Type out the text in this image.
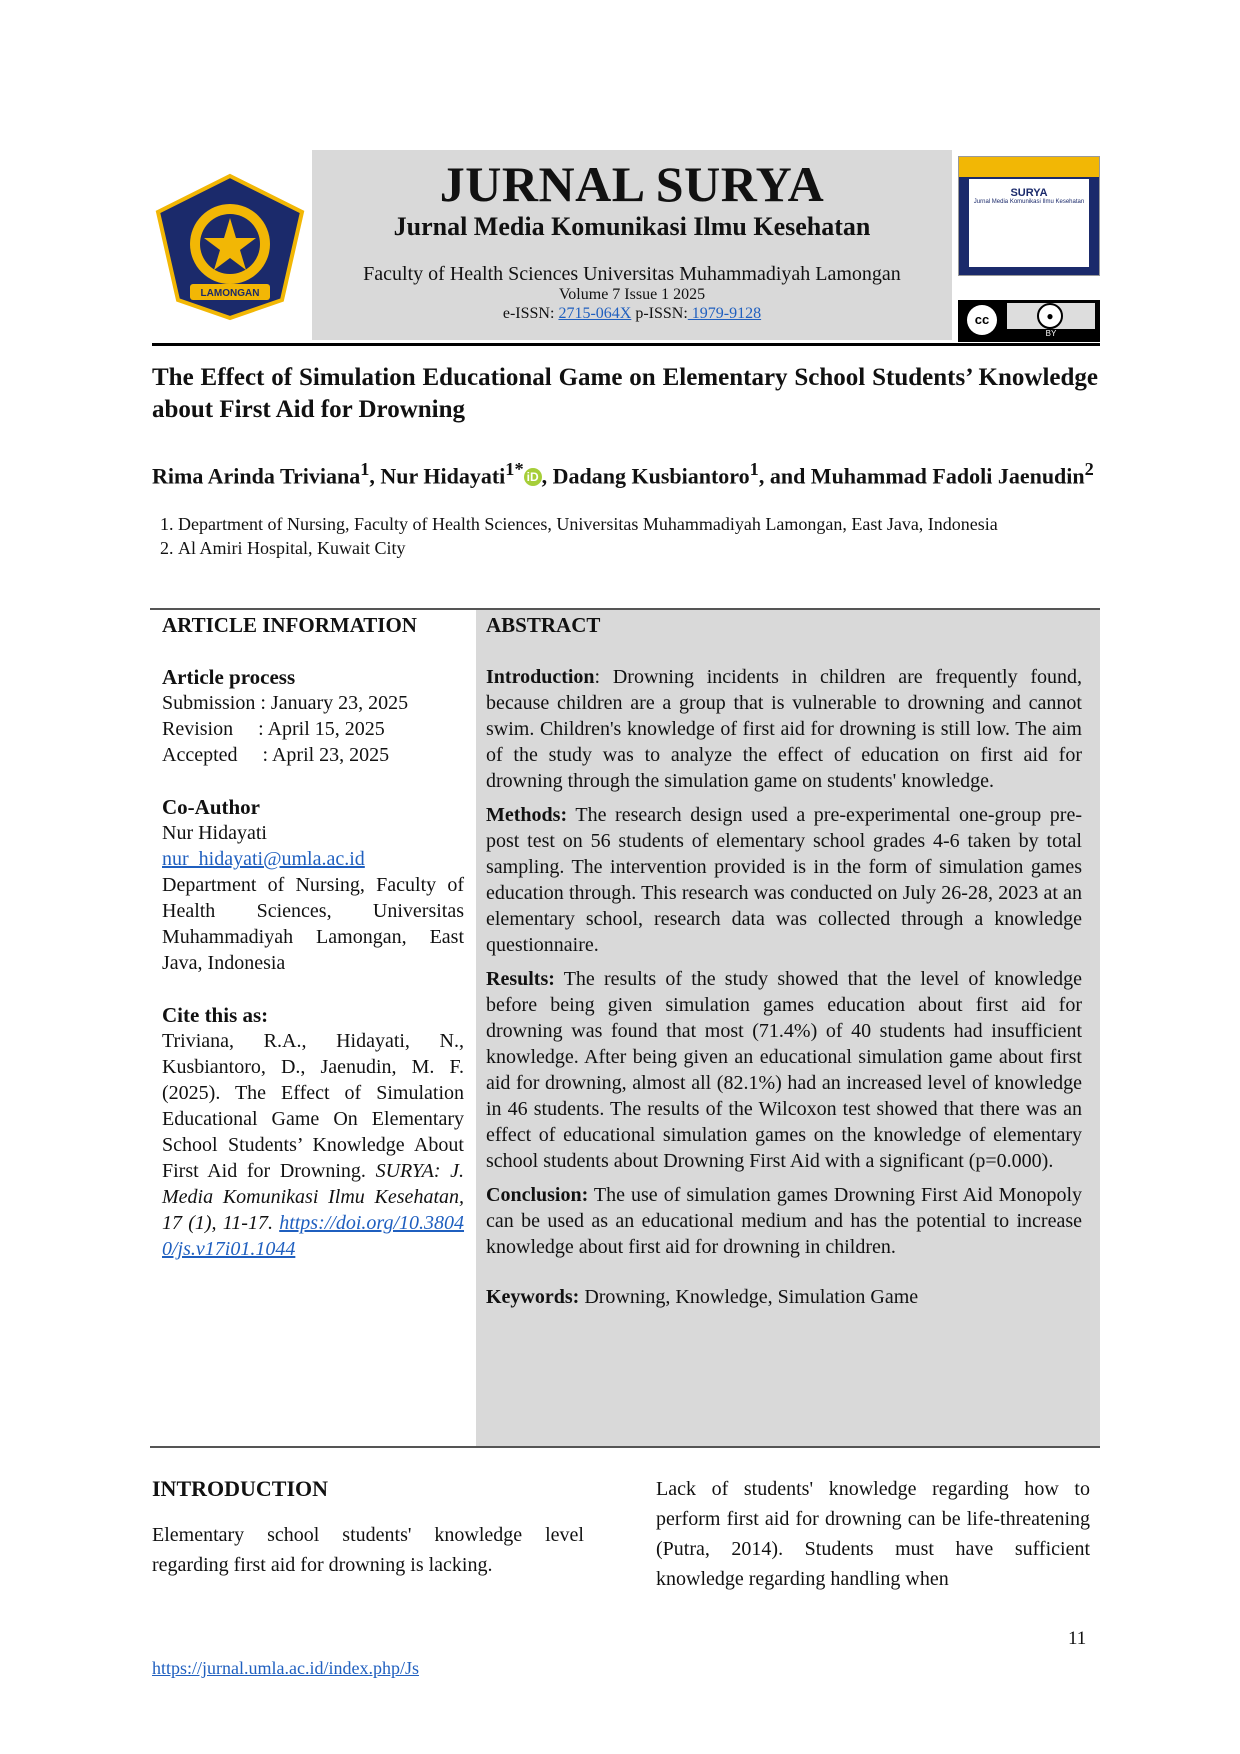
LAMONGAN
JURNAL SURYA
Jurnal Media Komunikasi Ilmu Kesehatan
Faculty of Health Sciences Universitas Muhammadiyah Lamongan
Volume 7 Issue 1 2025
e-ISSN: 2715-064X p-ISSN: 1979-9128
SURYA
Jurnal Media Komunikasi Ilmu Kesehatan
cc	●
BY
The Effect of Simulation Educational Game on Elementary School Students’ Knowledge about First Aid for Drowning
Rima Arinda Triviana$^1$, Nur Hidayati$^{1*}$ iD , Dadang Kusbiantoro$^1$, and Muhammad Fadoli Jaenudin$^2$
1. Department of Nursing, Faculty of Health Sciences, Universitas Muhammadiyah Lamongan, East Java, Indonesia
2. Al Amiri Hospital, Kuwait City
ARTICLE INFORMATION
Article process
Submission : January 23, 2025
Revision     : April 15, 2025
Accepted     : April 23, 2025
Co-Author
Nur Hidayati
nur_hidayati@umla.ac.id
Department of Nursing, Faculty of Health Sciences, Universitas Muhammadiyah Lamongan, East Java, Indonesia
Cite this as:
Triviana, R.A., Hidayati, N., Kusbiantoro, D., Jaenudin, M. F. (2025). The Effect of Simulation Educational Game On Elementary School Students’ Knowledge About First Aid for Drowning. SURYA: J. Media Komunikasi Ilmu Kesehatan, 17 (1), 11-17. https://doi.org/10.38040/js.v17i01.1044
ABSTRACT

Introduction: Drowning incidents in children are frequently found, because children are a group that is vulnerable to drowning and cannot swim. Children's knowledge of first aid for drowning is still low. The aim of the study was to analyze the effect of education on first aid for drowning through the simulation game on students' knowledge.

Methods: The research design used a pre-experimental one-group pre-post test on 56 students of elementary school grades 4-6 taken by total sampling. The intervention provided is in the form of simulation games education through. This research was conducted on July 26-28, 2023 at an elementary school, research data was collected through a knowledge questionnaire.

Results: The results of the study showed that the level of knowledge before being given simulation games education about first aid for drowning was found that most (71.4%) of 40 students had insufficient knowledge. After being given an educational simulation game about first aid for drowning, almost all (82.1%) had an increased level of knowledge in 46 students. The results of the Wilcoxon test showed that there was an effect of educational simulation games on the knowledge of elementary school students about Drowning First Aid with a significant (p=0.000).

Conclusion: The use of simulation games Drowning First Aid Monopoly can be used as an educational medium and has the potential to increase knowledge about first aid for drowning in children.

Keywords: Drowning, Knowledge, Simulation Game

INTRODUCTION
Elementary school students' knowledge level regarding first aid for drowning is lacking.
Lack of students' knowledge regarding how to perform first aid for drowning can be life-threatening (Putra, 2014). Students must have sufficient knowledge regarding handling when
11
https://jurnal.umla.ac.id/index.php/Js
